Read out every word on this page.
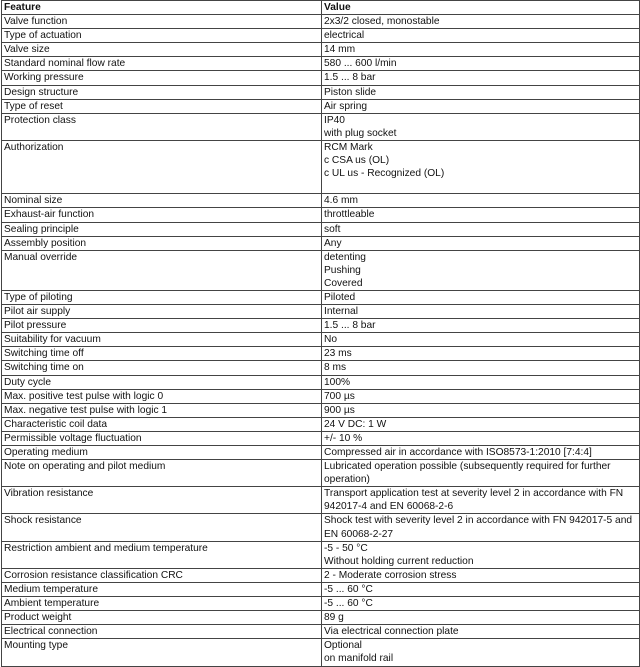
Feature	Value
Valve function	2x3/2 closed, monostable

Type of actuation	electrical

Valve size	14 mm

Standard nominal flow rate	580 ... 600 l/min

Working pressure	1.5 ... 8 bar

Design structure	Piston slide

Type of reset	Air spring

Protection class	IP40
with plug socket

Authorization	RCM Mark
c CSA us (OL)
c UL us - Recognized (OL)

Nominal size	4.6 mm

Exhaust-air function	throttleable

Sealing principle	soft

Assembly position	Any

Manual override	detenting
Pushing
Covered

Type of piloting	Piloted

Pilot air supply	Internal

Pilot pressure	1.5 ... 8 bar

Suitability for vacuum	No

Switching time off	23 ms

Switching time on	8 ms

Duty cycle	100%

Max. positive test pulse with logic 0	700 µs

Max. negative test pulse with logic 1	900 µs

Characteristic coil data	24 V DC: 1 W

Permissible voltage fluctuation	+/- 10 %

Operating medium	Compressed air in accordance with ISO8573-1:2010 [7:4:4]

Note on operating and pilot medium	Lubricated operation possible (subsequently required for further operation)

Vibration resistance	Transport application test at severity level 2 in accordance with FN 942017-4 and EN 60068-2-6

Shock resistance	Shock test with severity level 2 in accordance with FN 942017-5 and EN 60068-2-27

Restriction ambient and medium temperature	-5 - 50 °C
Without holding current reduction

Corrosion resistance classification CRC	2 - Moderate corrosion stress

Medium temperature	-5 ... 60 °C

Ambient temperature	-5 ... 60 °C

Product weight	89 g

Electrical connection	Via electrical connection plate

Mounting type	Optional
on manifold rail
